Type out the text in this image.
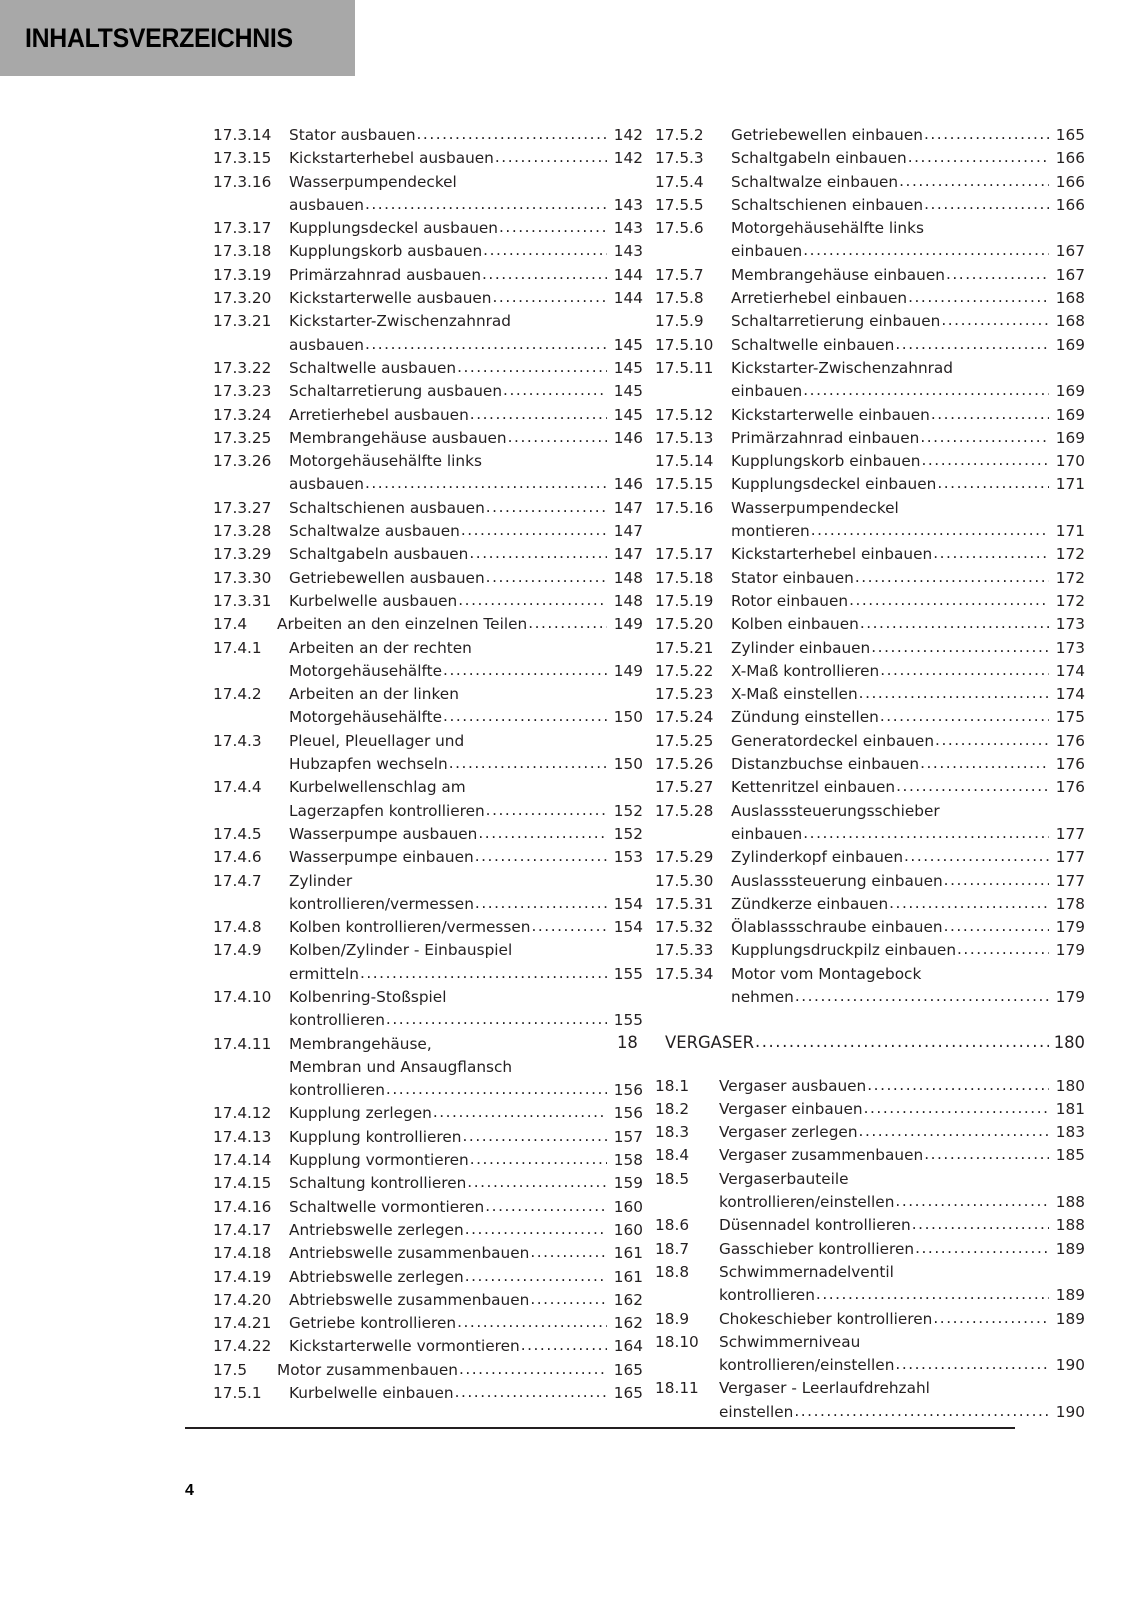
INHALTSVERZEICHNIS
17.3.14	Stator ausbauen .....	142
17.3.15	Kickstarterhebel ausbauen .....	142
17.3.16	Wasserpumpendeckel
ausbauen .....	143
17.3.17	Kupplungsdeckel ausbauen .....	143
17.3.18	Kupplungskorb ausbauen .....	143
17.3.19	Primärzahnrad ausbauen .....	144
17.3.20	Kickstarterwelle ausbauen .....	144
17.3.21	Kickstarter-Zwischenzahnrad
ausbauen .....	145
17.3.22	Schaltwelle ausbauen .....	145
17.3.23	Schaltarretierung ausbauen .....	145
17.3.24	Arretierhebel ausbauen .....	145
17.3.25	Membrangehäuse ausbauen .....	146
17.3.26	Motorgehäusehälfte links
ausbauen .....	146
17.3.27	Schaltschienen ausbauen .....	147
17.3.28	Schaltwalze ausbauen .....	147
17.3.29	Schaltgabeln ausbauen .....	147
17.3.30	Getriebewellen ausbauen .....	148
17.3.31	Kurbelwelle ausbauen .....	148
17.4	Arbeiten an den einzelnen Teilen .....	149
17.4.1	Arbeiten an der rechten
Motorgehäusehälfte .....	149
17.4.2	Arbeiten an der linken
Motorgehäusehälfte .....	150
17.4.3	Pleuel, Pleuellager und
Hubzapfen wechseln .....	150
17.4.4	Kurbelwellenschlag am
Lagerzapfen kontrollieren .....	152
17.4.5	Wasserpumpe ausbauen .....	152
17.4.6	Wasserpumpe einbauen .....	153
17.4.7	Zylinder
kontrollieren/vermessen .....	154
17.4.8	Kolben kontrollieren/vermessen .....	154
17.4.9	Kolben/Zylinder - Einbauspiel
ermitteln .....	155
17.4.10	Kolbenring-Stoßspiel
kontrollieren .....	155
17.4.11	Membrangehäuse,
Membran und Ansaugflansch
kontrollieren .....	156
17.4.12	Kupplung zerlegen .....	156
17.4.13	Kupplung kontrollieren .....	157
17.4.14	Kupplung vormontieren .....	158
17.4.15	Schaltung kontrollieren .....	159
17.4.16	Schaltwelle vormontieren .....	160
17.4.17	Antriebswelle zerlegen .....	160
17.4.18	Antriebswelle zusammenbauen .....	161
17.4.19	Abtriebswelle zerlegen .....	161
17.4.20	Abtriebswelle zusammenbauen .....	162
17.4.21	Getriebe kontrollieren .....	162
17.4.22	Kickstarterwelle vormontieren .....	164
17.5	Motor zusammenbauen .....	165
17.5.1	Kurbelwelle einbauen .....	165
17.5.2	Getriebewellen einbauen .....	165
17.5.3	Schaltgabeln einbauen .....	166
17.5.4	Schaltwalze einbauen .....	166
17.5.5	Schaltschienen einbauen .....	166
17.5.6	Motorgehäusehälfte links
einbauen .....	167
17.5.7	Membrangehäuse einbauen .....	167
17.5.8	Arretierhebel einbauen .....	168
17.5.9	Schaltarretierung einbauen .....	168
17.5.10	Schaltwelle einbauen .....	169
17.5.11	Kickstarter-Zwischenzahnrad
einbauen .....	169
17.5.12	Kickstarterwelle einbauen .....	169
17.5.13	Primärzahnrad einbauen .....	169
17.5.14	Kupplungskorb einbauen .....	170
17.5.15	Kupplungsdeckel einbauen .....	171
17.5.16	Wasserpumpendeckel
montieren .....	171
17.5.17	Kickstarterhebel einbauen .....	172
17.5.18	Stator einbauen .....	172
17.5.19	Rotor einbauen .....	172
17.5.20	Kolben einbauen .....	173
17.5.21	Zylinder einbauen .....	173
17.5.22	X-Maß kontrollieren .....	174
17.5.23	X-Maß einstellen .....	174
17.5.24	Zündung einstellen .....	175
17.5.25	Generatordeckel einbauen .....	176
17.5.26	Distanzbuchse einbauen .....	176
17.5.27	Kettenritzel einbauen .....	176
17.5.28	Auslasssteuerungsschieber
einbauen .....	177
17.5.29	Zylinderkopf einbauen .....	177
17.5.30	Auslasssteuerung einbauen .....	177
17.5.31	Zündkerze einbauen .....	178
17.5.32	Ölablassschraube einbauen .....	179
17.5.33	Kupplungsdruckpilz einbauen .....	179
17.5.34	Motor vom Montagebock
nehmen .....	179
18	VERGASER .....	180
18.1	Vergaser ausbauen .....	180
18.2	Vergaser einbauen .....	181
18.3	Vergaser zerlegen .....	183
18.4	Vergaser zusammenbauen .....	185
18.5	Vergaserbauteile
kontrollieren/einstellen .....	188
18.6	Düsennadel kontrollieren .....	188
18.7	Gasschieber kontrollieren .....	189
18.8	Schwimmernadelventil
kontrollieren .....	189
18.9	Chokeschieber kontrollieren .....	189
18.10	Schwimmerniveau
kontrollieren/einstellen .....	190
18.11	Vergaser - Leerlaufdrehzahl
einstellen .....	190
4
